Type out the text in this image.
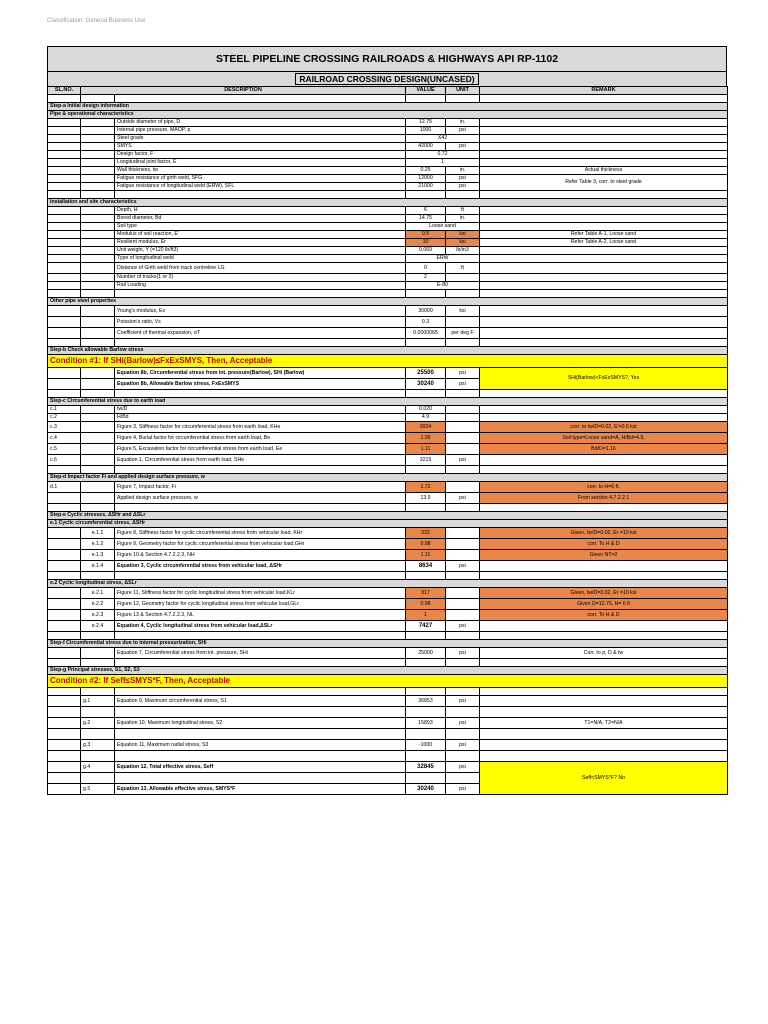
Classification: General Business Use
STEEL PIPELINE CROSSING RAILROADS & HIGHWAYS API RP-1102
RAILROAD CROSSING DESIGN(UNCASED)
SL.NO.	DESCRIPTION		VALUE	UNIT	REMARK

Step-a Initial design information					
Pipe & operational characteristics					
		Outside diameter of pipe, D	12.75	in.	
		Internal pipe pressure, MAOP, p	1000	psi	
		Steel grade	X42		
		SMYS	42000	psi	
		Design factor, F	0.72		
		Longitudinal joint factor, E	1		
		Wall thickness, tw	0.25	in.	Actual thickness
		Fatigue resistance of girth weld, SFG	12000	psi	Refer Table 3, corr. to steel grade
		Fatigue resistance of longitudinal weld (ERW), SFL	21000	psi	

Installation and site characteristics					
		Depth, H	6	ft	
		Bored diameter, Bd	14.75	in.	
		Soil type	Loose sand		
		Modulus of soil reaction, E'	0.5	ksi	Refer Table A-1, Loose sand
		Resilient modulus, Er	10	ksi	Refer Table A-2, Loose sand
		Unit weight, Y (=120 lb/ft3)	0.069	lb/in3	
		Type of longitudinal weld	ERW		
		Distance of Girth weld from track centreline LG	0	ft	
		Number of tracks(1 or 2)	2		
		Rail Loading	E-80		

Other pipe steel properties					
		Young's modulus, Es	30000	ksi	
		Poission's ratio, Vs	0.3		
		Coefficient of thermal expansion, αT	0.0000065	per deg F	

Step-b Check allowable Barlow stress					
Condition #1: If SHi(Barlow)≤FxExSMYS, Then, Acceptable					
		Equation 8b, Circumferential stress from int. pressure(Barlow), SHi (Barlow)	25500	psi	SHi(Barlow)<FxExSMYS?, Yes
		Equation 8b, Allowable Barlow stress, FxExSMYS	30240	psi	

Step-c Circumferential stress due to earth load					
c.1		tw/D	0.020		
c.2		H/Bd	4.9		
c.3		Figure 3, Stiffness factor for circumferential stress from earth load, KHe	3024		corr. to tw/D=0.02, E'=0.5 ksi
c.4		Figure 4, Burial factor for circumferential stress from earth load, Be	1.09		Soil type=Loose sand=A, H/Bd=4.9,
c.5		Figure 5, Excavation factor for circumferential stress from earth load, Ee	1.11		Bd/D=1.16
c.6		Equation 1, Circumferential stress from earth load, SHe	3219	psi	

Step-d Impact factor Fi and applied design surface pressure, w					
d.1		Figure 7, Impact factor, Fi	1.72		corr. to H=6 ft.
		Applied design surface pressure, w	13.9	psi	From section 4.7.2.2.1

Step-e Cyclic stresses, ΔSHr and ΔSLr					
e.1 Cyclic circumferential stress, ΔSHr					
	e.1.1	Figure 8, Stiffness factor for cyclic circumferential stress from vehicular load, KHr	332		Given, tw/D=0.02, Er =10 ksi
	e.1.2	Figure 9, Geometry factor for cyclic circumferential stress from vehicular load,GHr	0.98		corr. To H & D
	e.1.3	Figure 10 & Section 4.7.2.2.3, NH	1.11		Given NT=2
	e.1.4	Equation 3, Cyclic circumferential stress from vehicular load, ΔSHr	8634	psi	

e.2 Cyclic longitudinal stress, ΔSLr					
	e.2.1	Figure 11, Stiffness factor for cyclic longitudinal stress from vehicular load,KLr	317		Given, tw/D=0.02, Er =10 ksi
	e.2.2	Figure 12, Geometry factor for cyclic longitudinal stress from vehicular load,GLr	0.98		Given D=12.75, H= 6 ft
	e.2.3	Figure 13 & Section 4.7.2.2.3, NL	1		corr. To H & D
	e.2.4	Equation 4, Cyclic longitudinal stress from vehicular load,ΔSLr	7427	psi	

Step-f Circumferential stress due to internal pressurization, SHi					
		Equation 7, Circumferential stress from int. pressure, SHi	25000	psi	Corr. to p, D & tw

Step-g Principal stresses, S1, S2, S3					
Condition #2: If Seff≤SMYS*F, Then, Acceptable					

	g.1	Equation 9, Maximum circumferential stress, S1	36853	psi	

	g.2	Equation 10, Maximum longitudinal stress, S2	15893	psi	T1=N/A, T2=N/A

	g.3	Equation 11, Maximum radial stress, S3	-1000	psi	

	g.4	Equation 12, Total effective stress, Seff	32845	psi	Seff<SMYS*F? No

	g.5	Equation 13, Allowable effective stress, SMYS*F	30240	psi	
